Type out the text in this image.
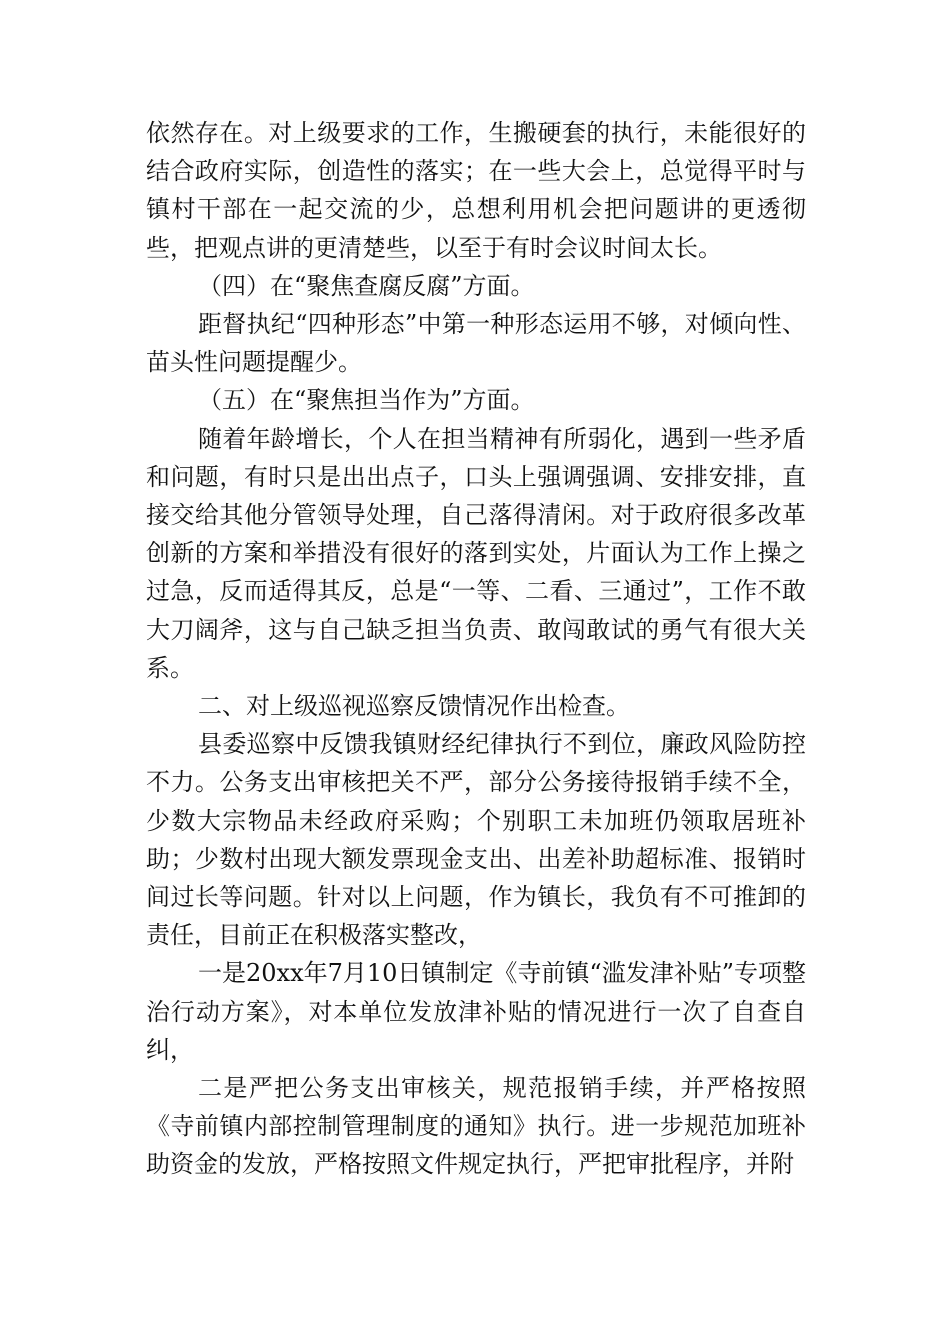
依然存在。对上级要求的工作，生搬硬套的执行，未能很好的结合政府实际，创造性的落实；在一些大会上，总觉得平时与镇村干部在一起交流的少，总想利用机会把问题讲的更透彻些，把观点讲的更清楚些，以至于有时会议时间太长。

（四）在“聚焦查腐反腐”方面。

距督执纪“四种形态”中第一种形态运用不够，对倾向性、苗头性问题提醒少。

（五）在“聚焦担当作为”方面。

随着年龄增长，个人在担当精神有所弱化，遇到一些矛盾和问题，有时只是出出点子，口头上强调强调、安排安排，直接交给其他分管领导处理，自己落得清闲。对于政府很多改革创新的方案和举措没有很好的落到实处，片面认为工作上操之过急，反而适得其反，总是“一等、二看、三通过”，工作不敢大刀阔斧，这与自己缺乏担当负责、敢闯敢试的勇气有很大关系。

二、对上级巡视巡察反馈情况作出检查。

县委巡察中反馈我镇财经纪律执行不到位，廉政风险防控不力。公务支出审核把关不严，部分公务接待报销手续不全，少数大宗物品未经政府采购；个别职工未加班仍领取居班补助；少数村出现大额发票现金支出、出差补助超标准、报销时间过长等问题。针对以上问题，作为镇长，我负有不可推卸的责任，目前正在积极落实整改，

一是20xx年7月10日镇制定《寺前镇“滥发津补贴”专项整治行动方案》，对本单位发放津补贴的情况进行一次了自查自纠，

二是严把公务支出审核关，规范报销手续，并严格按照《寺前镇内部控制管理制度的通知》执行。进一步规范加班补助资金的发放，严格按照文件规定执行，严把审批程序，并附
